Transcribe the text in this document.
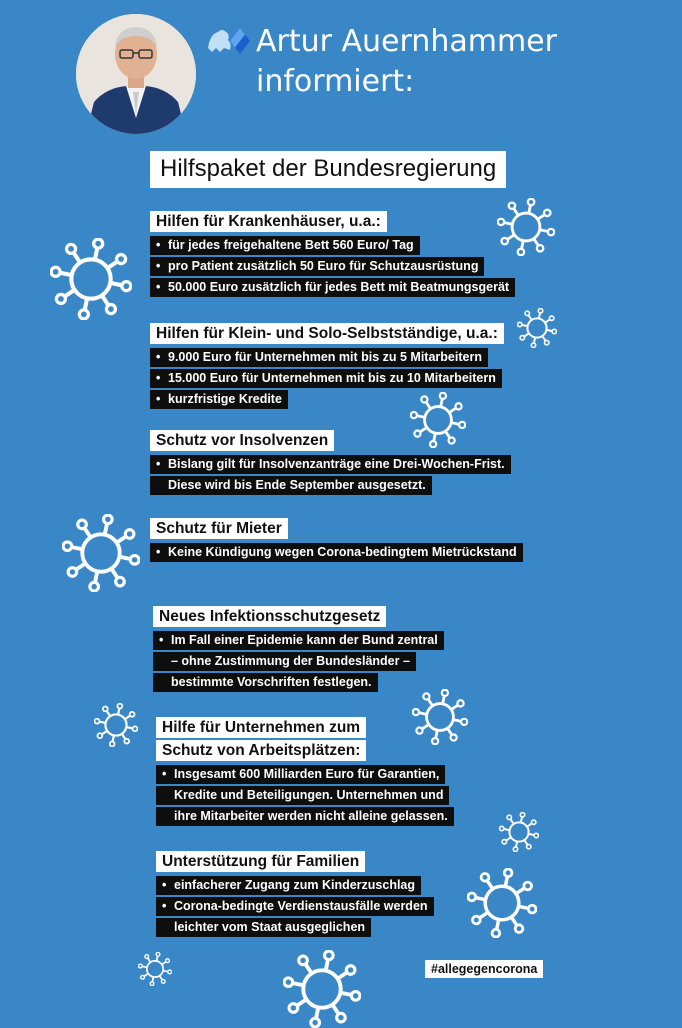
Artur Auernhammer
informiert:
Hilfspaket der Bundesregierung
Hilfen für Krankenhäuser, u.a.:
• für jedes freigehaltene Bett 560 Euro/ Tag
• pro Patient zusätzlich 50 Euro für Schutzausrüstung
• 50.000 Euro zusätzlich für jedes Bett mit Beatmungsgerät
Hilfen für Klein- und Solo-Selbstständige, u.a.:
• 9.000 Euro für Unternehmen mit bis zu 5 Mitarbeitern
• 15.000 Euro für Unternehmen mit bis zu 10 Mitarbeitern
• kurzfristige Kredite
Schutz vor Insolvenzen
• Bislang gilt für Insolvenzanträge eine Drei-Wochen-Frist.
Diese wird bis Ende September ausgesetzt.
Schutz für Mieter
• Keine Kündigung wegen Corona-bedingtem Mietrückstand
Neues Infektionsschutzgesetz
• Im Fall einer Epidemie kann der Bund zentral
– ohne Zustimmung der Bundesländer –
bestimmte Vorschriften festlegen.
Hilfe für Unternehmen zum
Schutz von Arbeitsplätzen:
• Insgesamt 600 Milliarden Euro für Garantien,
Kredite und Beteiligungen. Unternehmen und
ihre Mitarbeiter werden nicht alleine gelassen.
Unterstützung für Familien
• einfacherer Zugang zum Kinderzuschlag
• Corona-bedingte Verdienstausfälle werden
leichter vom Staat ausgeglichen
#allegegencorona
